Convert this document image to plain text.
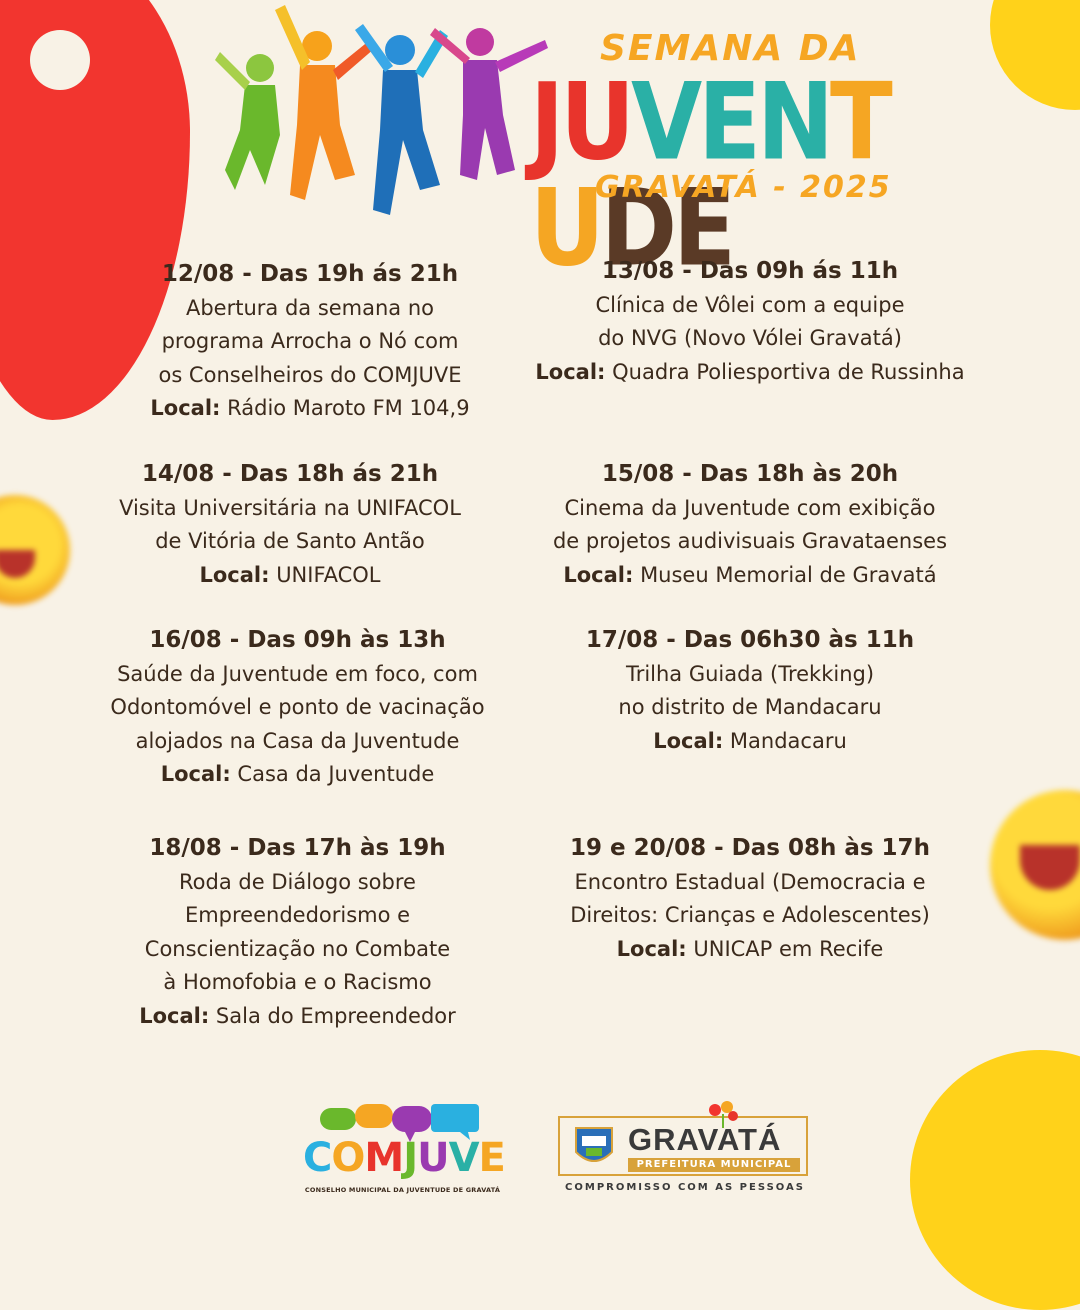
SEMANA DA
JUVENTUDE
GRAVATÁ - 2025
12/08 - Das 19h ás 21h
Abertura da semana no
programa Arrocha o Nó com
os Conselheiros do COMJUVE
Local: Rádio Maroto FM 104,9
13/08 - Das 09h ás 11h
Clínica de Vôlei com a equipe
do NVG (Novo Vólei Gravatá)
Local: Quadra Poliesportiva de Russinha
14/08 - Das 18h ás 21h
Visita Universitária na UNIFACOL
de Vitória de Santo Antão
Local: UNIFACOL
15/08 - Das 18h às 20h
Cinema da Juventude com exibição
de projetos audivisuais Gravataenses
Local: Museu Memorial de Gravatá
16/08 - Das 09h às 13h
Saúde da Juventude em foco, com
Odontomóvel e ponto de vacinação
alojados na Casa da Juventude
Local: Casa da Juventude
17/08 - Das 06h30 às 11h
Trilha Guiada (Trekking)
no distrito de Mandacaru
Local: Mandacaru
18/08 - Das 17h às 19h
Roda de Diálogo sobre
Empreendedorismo e
Conscientização no Combate
à Homofobia e o Racismo
Local: Sala do Empreendedor
19 e 20/08 - Das 08h às 17h
Encontro Estadual (Democracia e
Direitos: Crianças e Adolescentes)
Local: UNICAP em Recife
COMJUVE
CONSELHO MUNICIPAL DA JUVENTUDE DE GRAVATÁ
GRAVATÁ
PREFEITURA MUNICIPAL
COMPROMISSO COM AS PESSOAS
